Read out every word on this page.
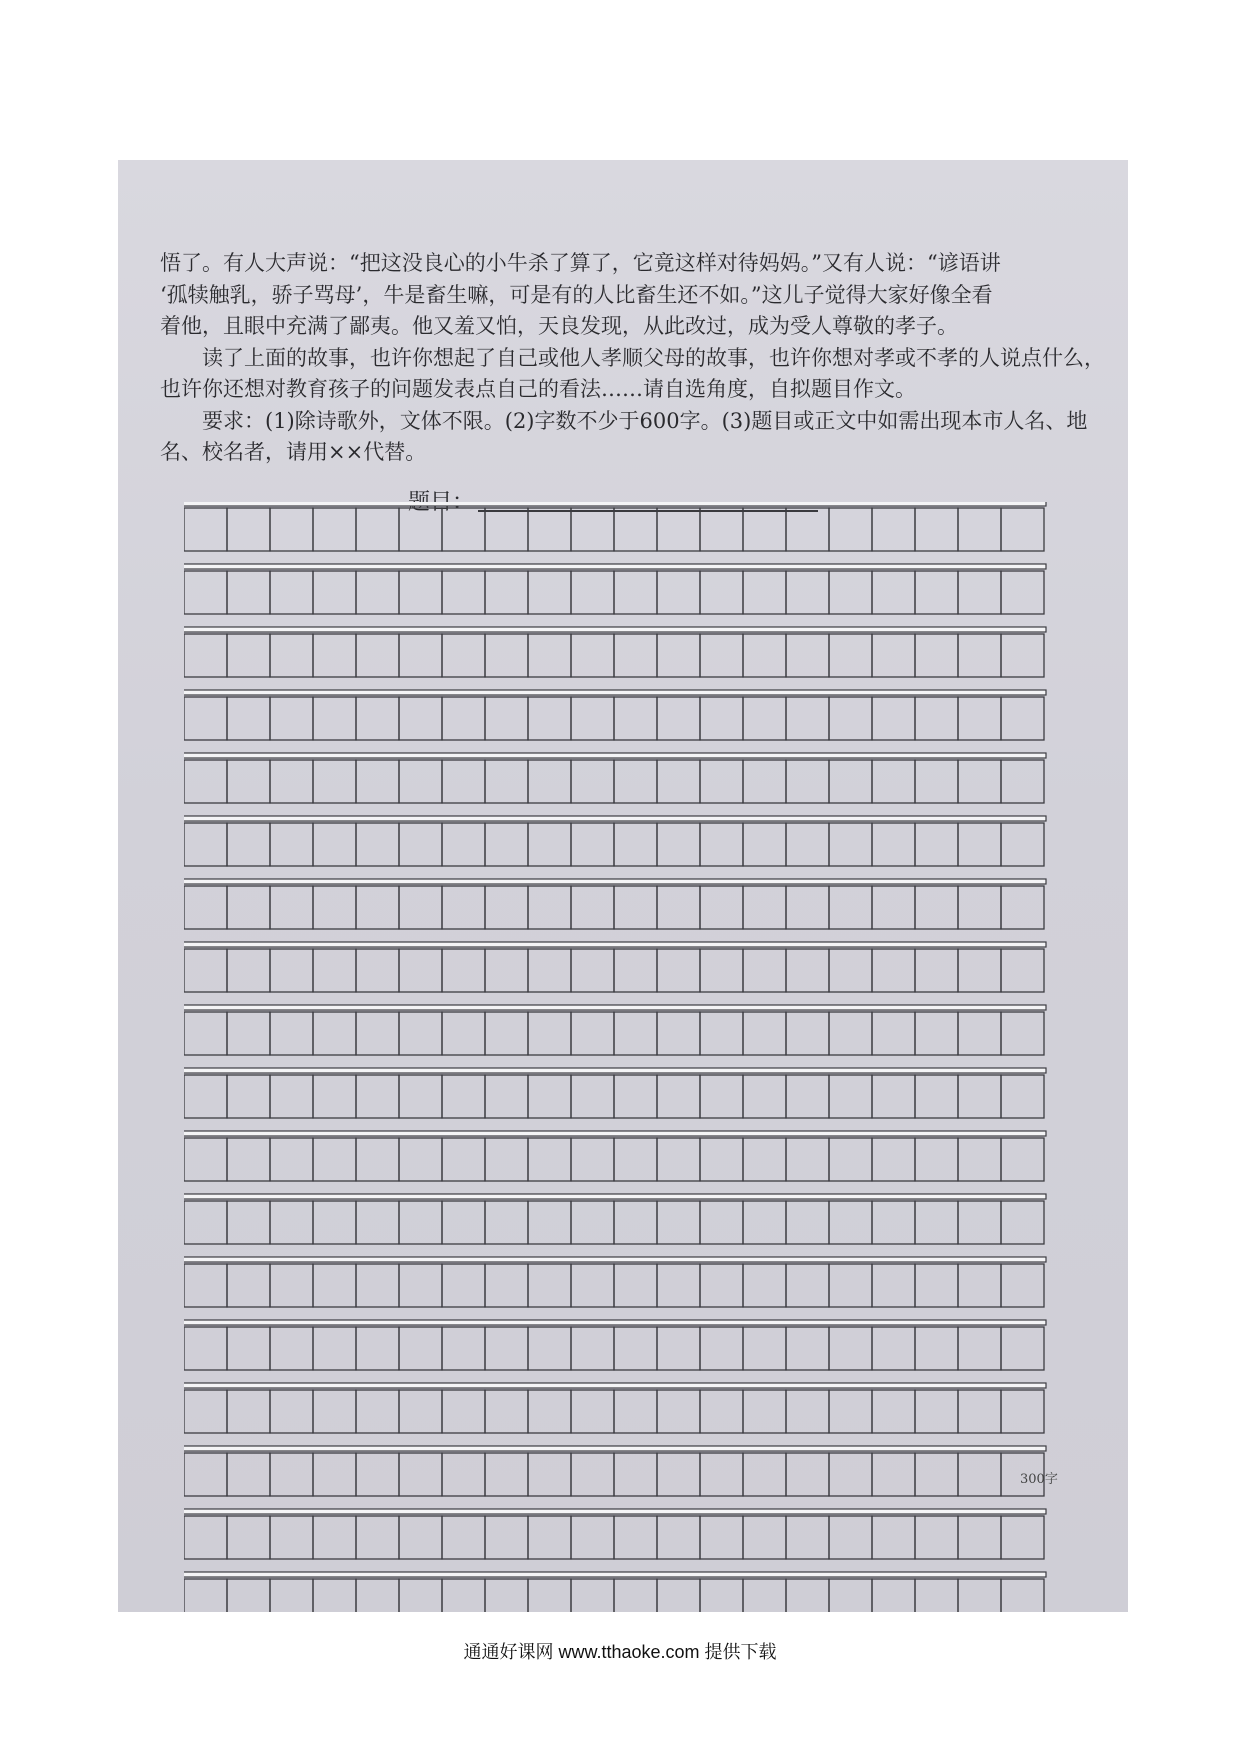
悟了。有人大声说：“把这没良心的小牛杀了算了，它竟这样对待妈妈。”又有人说：“谚语讲

‘孤犊触乳，骄子骂母’，牛是畜生嘛，可是有的人比畜生还不如。”这儿子觉得大家好像全看

着他，且眼中充满了鄙夷。他又羞又怕，天良发现，从此改过，成为受人尊敬的孝子。

读了上面的故事，也许你想起了自己或他人孝顺父母的故事，也许你想对孝或不孝的人说点什么，也许你还想对教育孩子的问题发表点自己的看法……请自选角度，自拟题目作文。

要求：(1)除诗歌外，文体不限。(2)字数不少于600字。(3)题目或正文中如需出现本市人名、地名、校名者，请用××代替。

300字
通通好课网 www.tthaoke.com 提供下载
